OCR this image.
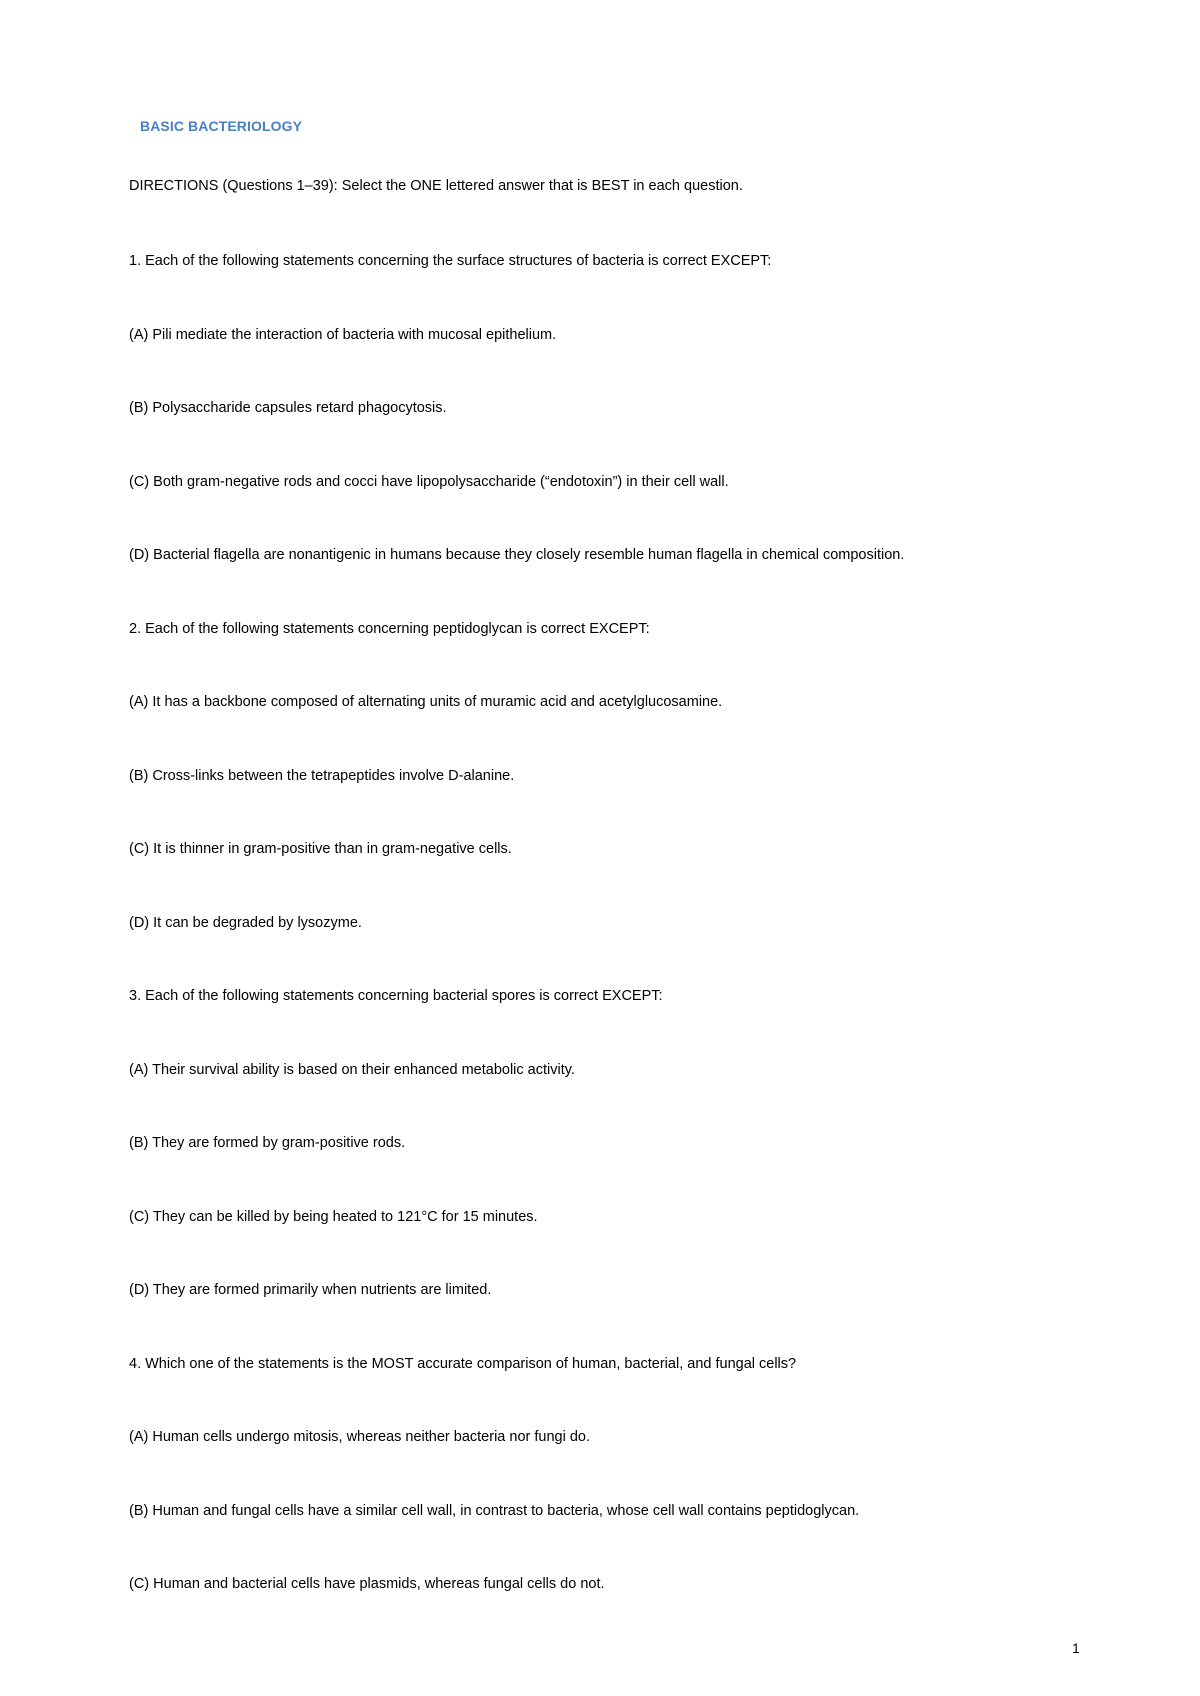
BASIC BACTERIOLOGY
DIRECTIONS (Questions 1–39): Select the ONE lettered answer that is BEST in each question.
1. Each of the following statements concerning the surface structures of bacteria is correct EXCEPT:
(A) Pili mediate the interaction of bacteria with mucosal epithelium.
(B) Polysaccharide capsules retard phagocytosis.
(C) Both gram-negative rods and cocci have lipopolysaccharide (“endotoxin”) in their cell wall.
(D) Bacterial flagella are nonantigenic in humans because they closely resemble human flagella in chemical composition.
2. Each of the following statements concerning peptidoglycan is correct EXCEPT:
(A) It has a backbone composed of alternating units of muramic acid and acetylglucosamine.
(B) Cross-links between the tetrapeptides involve D-alanine.
(C) It is thinner in gram-positive than in gram-negative cells.
(D) It can be degraded by lysozyme.
3. Each of the following statements concerning bacterial spores is correct EXCEPT:
(A) Their survival ability is based on their enhanced metabolic activity.
(B) They are formed by gram-positive rods.
(C) They can be killed by being heated to 121°C for 15 minutes.
(D) They are formed primarily when nutrients are limited.
4. Which one of the statements is the MOST accurate comparison of human, bacterial, and fungal cells?
(A) Human cells undergo mitosis, whereas neither bacteria nor fungi do.
(B) Human and fungal cells have a similar cell wall, in contrast to bacteria, whose cell wall contains peptidoglycan.
(C) Human and bacterial cells have plasmids, whereas fungal cells do not.
1
